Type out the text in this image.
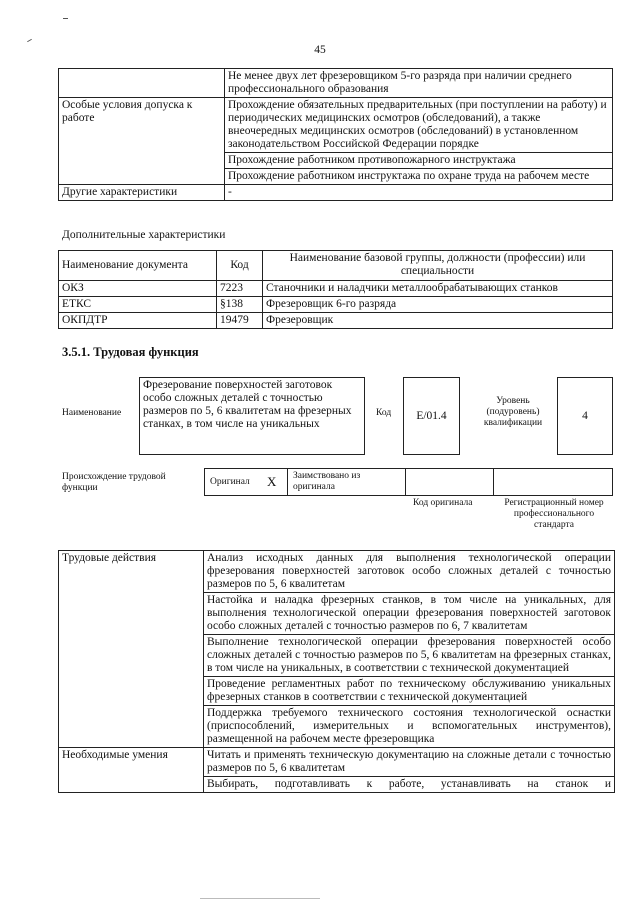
45
	Не менее двух лет фрезеровщиком 5-го разряда при наличии среднего профессионального образования
Особые условия допуска к работе	Прохождение обязательных предварительных (при поступлении на работу) и периодических медицинских осмотров (обследований), а также внеочередных медицинских осмотров (обследований) в установленном законодательством Российской Федерации порядке
	Прохождение работником противопожарного инструктажа
	Прохождение работником инструктажа по охране труда на рабочем месте
Другие характеристики	-
Дополнительные характеристики
Наименование документа	Код	Наименование базовой группы, должности (профессии) или специальности
ОКЗ	7223	Станочники и наладчики металлообрабатывающих станков
ЕТКС	§138	Фрезеровщик 6-го разряда
ОКПДТР	19479	Фрезеровщик
3.5.1. Трудовая функция
Наименование
Фрезерование поверхностей заготовок особо сложных деталей с точностью размеров по 5, 6 квалитетам на фрезерных станках, в том числе на уникальных
Код E/01.4
Уровень (подуровень) квалификации
4
Происхождение трудовой функции
Оригинал X Заимствовано из оригинала
Код оригинала	Регистрационный номер профессионального стандарта
Трудовые действия	Анализ исходных данных для выполнения технологической операции фрезерования поверхностей заготовок особо сложных деталей с точностью размеров по 5, 6 квалитетам
	Настойка и наладка фрезерных станков, в том числе на уникальных, для выполнения технологической операции фрезерования поверхностей заготовок особо сложных деталей с точностью размеров по 6, 7 квалитетам
	Выполнение технологической операции фрезерования поверхностей особо сложных деталей с точностью размеров по 5, 6 квалитетам на фрезерных станках, в том числе на уникальных, в соответствии с технической документацией
	Проведение регламентных работ по техническому обслуживанию уникальных фрезерных станков в соответствии с технической документацией
	Поддержка требуемого технического состояния технологической оснастки (приспособлений, измерительных и вспомогательных инструментов), размещенной на рабочем месте фрезеровщика
Необходимые умения	Читать и применять техническую документацию на сложные детали с точностью размеров по 5, 6 квалитетам
	Выбирать, подготавливать к работе, устанавливать на станок и
